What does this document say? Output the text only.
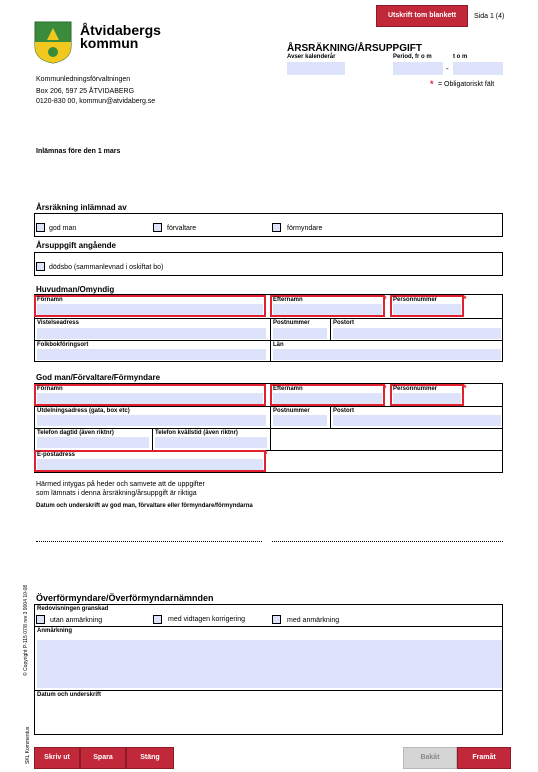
Åtvidabergs
kommun
Kommunledningsförvaltningen
Box 206, 597 25 ÅTVIDABERG
0120-830 00, kommun@atvidaberg.se
Utskrift tom blankett	Sida 1 (4)
ÅRSRÄKNING/ÅRSUPPGIFT
Avser kalenderår	Period, fr o m
-
t o m
* = Obligatoriskt fält
Inlämnas före den 1 mars
Årsräkning inlämnad av
god man	förvaltare	förmyndare
Årsuppgift angående
dödsbo (sammanlevnad i oskiftat bo)
Huvudman/Omyndig
Förnamn	Efternamn	* Personnummer	*
Vistelseadress	Postnummer	Postort
Folkbokföringsort	Län
God man/Förvaltare/Förmyndare
Förnamn	Efternamn	* Personnummer	*
Utdelningsadress (gata, box etc)	Postnummer	Postort
Telefon dagtid (även riktnr)	Telefon kvällstid (även riktnr)
E-postadress	*
Härmed intygas på heder och samvete att de uppgifter
som lämnats i denna årsräkning/årsuppgift är riktiga
Datum och underskrift av god man, förvaltare eller förmyndare/förmyndarna
© Copyright P-115 07/8 rev 3 9004 10-08
SKL Kommentus
Överförmyndare/Överförmyndarnämnden
Redovisningen granskad
utan anmärkning	med vidtagen korrigering	med anmärkning
Anmärkning
Datum och underskrift
Skriv ut	Spara	Stäng	Bakåt	Framåt
